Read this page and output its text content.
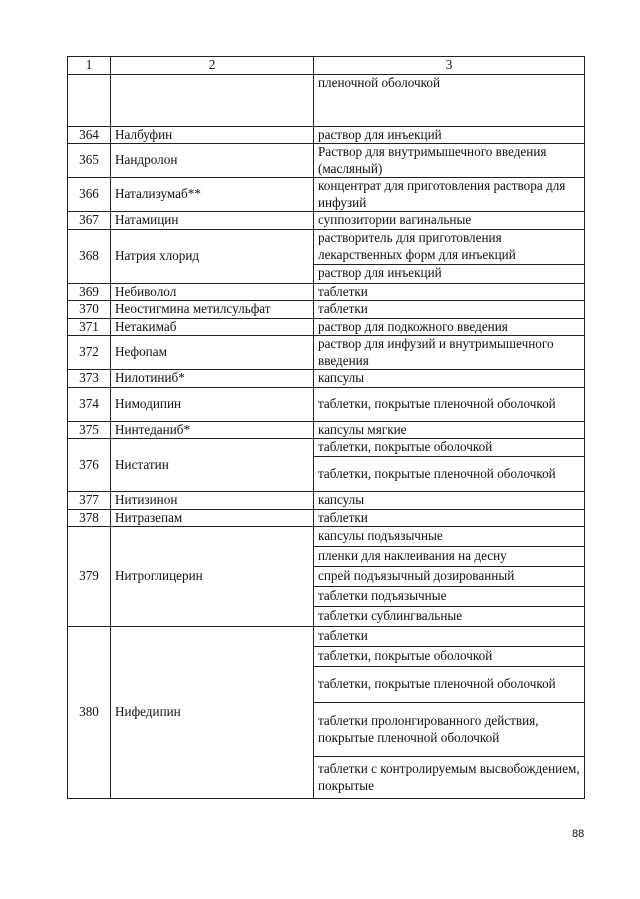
1	2	3
		пленочной оболочкой
364	Налбуфин	раствор для инъекций
365	Нандролон	Раствор для внутримышечного введения (масляный)
366	Натализумаб**	концентрат для приготовления раствора для инфузий
367	Натамицин	суппозитории вагинальные
368	Натрия хлорид	растворитель для приготовления лекарственных форм для инъекций
		раствор для инъекций
369	Небиволол	таблетки
370	Неостигмина метилсульфат	таблетки
371	Нетакимаб	раствор для подкожного введения
372	Нефопам	раствор для инфузий и внутримышечного введения
373	Нилотиниб*	капсулы
374	Нимодипин	таблетки, покрытые пленочной оболочкой
375	Нинтеданиб*	капсулы мягкие
376	Нистатин	таблетки, покрытые оболочкой
		таблетки, покрытые пленочной оболочкой
377	Нитизинон	капсулы
378	Нитразепам	таблетки
379	Нитроглицерин	капсулы подъязычные
		пленки для наклеивания на десну
		спрей подъязычный дозированный
		таблетки подъязычные
		таблетки сублингвальные
380	Нифедипин	таблетки
		таблетки, покрытые оболочкой
		таблетки, покрытые пленочной оболочкой
		таблетки пролонгированного действия, покрытые пленочной оболочкой
		таблетки с контролируемым высвобождением, покрытые
88
